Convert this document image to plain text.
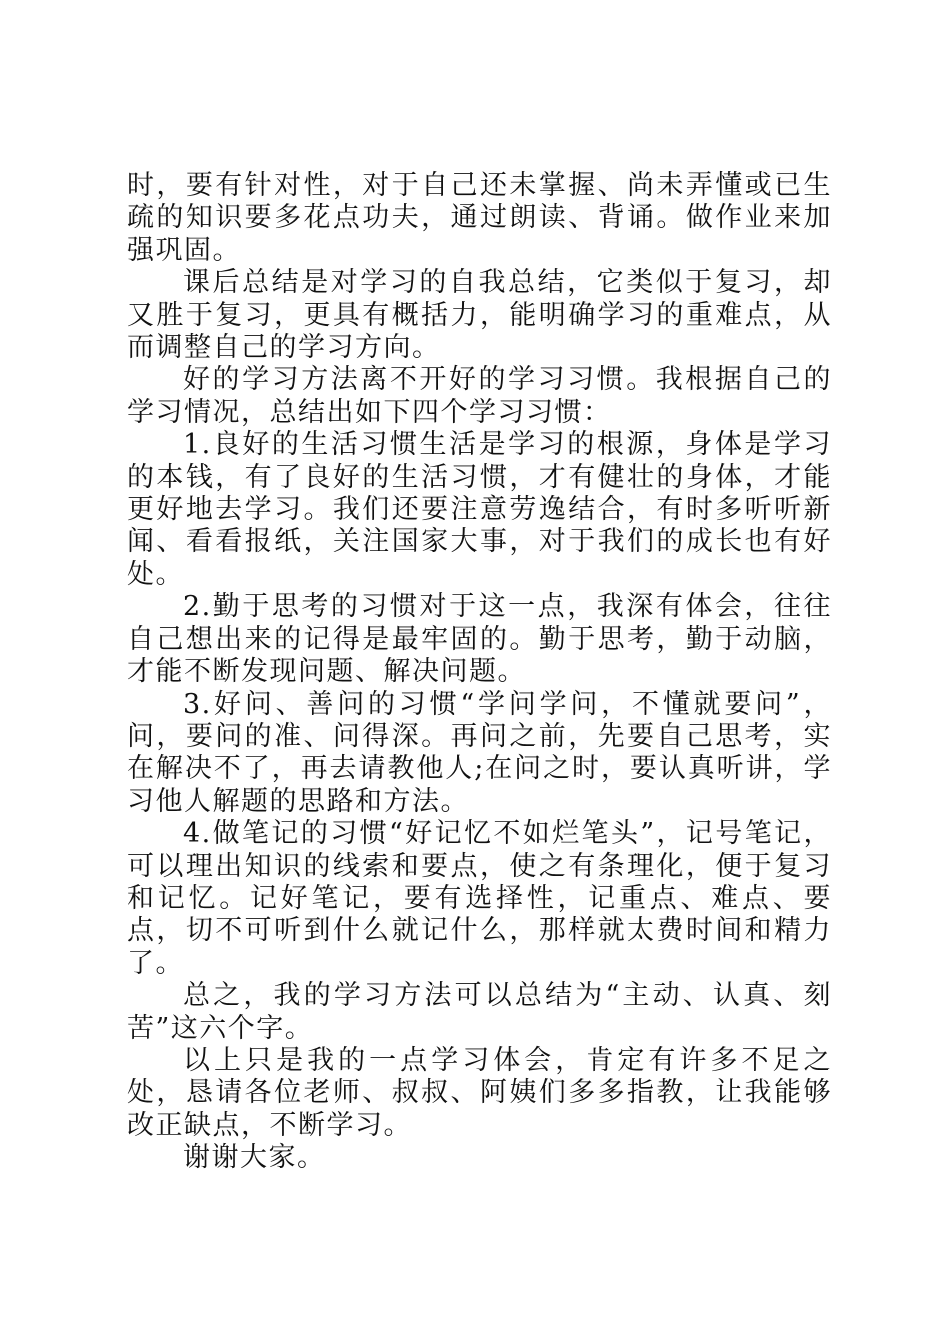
时，要有针对性，对于自己还未掌握、尚未弄懂或已生疏的知识要多花点功夫，通过朗读、背诵。做作业来加强巩固。

课后总结是对学习的自我总结，它类似于复习，却又胜于复习，更具有概括力，能明确学习的重难点，从而调整自己的学习方向。

好的学习方法离不开好的学习习惯。我根据自己的学习情况，总结出如下四个学习习惯：

1.良好的生活习惯生活是学习的根源，身体是学习的本钱，有了良好的生活习惯，才有健壮的身体，才能更好地去学习。我们还要注意劳逸结合，有时多听听新闻、看看报纸，关注国家大事，对于我们的成长也有好处。

2.勤于思考的习惯对于这一点，我深有体会，往往自己想出来的记得是最牢固的。勤于思考，勤于动脑，才能不断发现问题、解决问题。

3.好问、善问的习惯“学问学问，不懂就要问”，问，要问的准、问得深。再问之前，先要自己思考，实在解决不了，再去请教他人;在问之时，要认真听讲，学习他人解题的思路和方法。

4.做笔记的习惯“好记忆不如烂笔头”，记号笔记，可以理出知识的线索和要点，使之有条理化，便于复习和记忆。记好笔记，要有选择性，记重点、难点、要点，切不可听到什么就记什么，那样就太费时间和精力了。

总之，我的学习方法可以总结为“主动、认真、刻苦”这六个字。

以上只是我的一点学习体会，肯定有许多不足之处，恳请各位老师、叔叔、阿姨们多多指教，让我能够改正缺点，不断学习。

谢谢大家。
